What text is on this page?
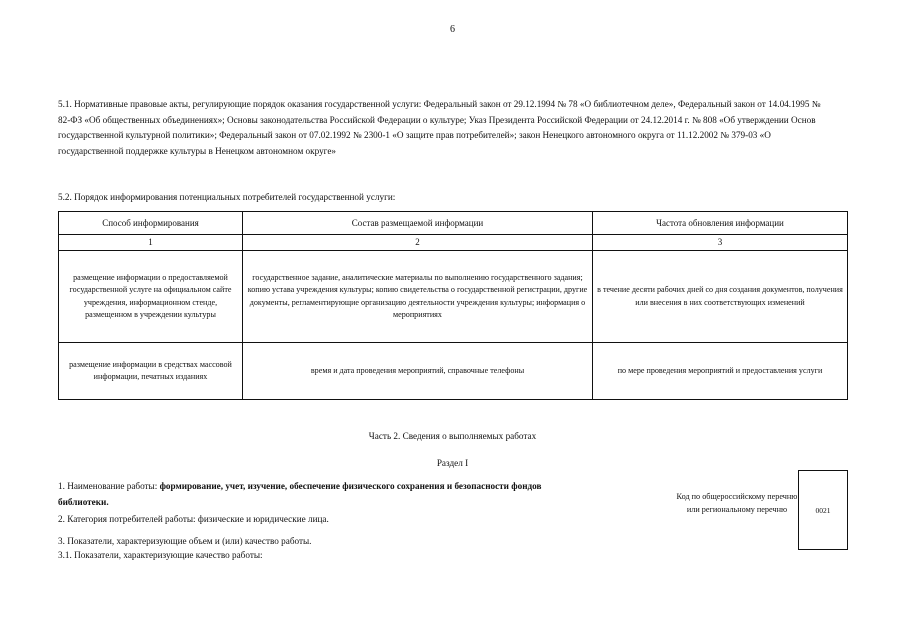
6
5.1. Нормативные правовые акты, регулирующие порядок оказания государственной услуги: Федеральный закон от 29.12.1994 № 78 «О библиотечном деле», Федеральный закон от 14.04.1995 № 82-ФЗ «Об общественных объединениях»; Основы законодательства Российской Федерации о культуре; Указ Президента Российской Федерации от 24.12.2014 г. № 808 «Об утверждении Основ государственной культурной политики»; Федеральный закон от 07.02.1992 № 2300-1 «О защите прав потребителей»; закон Ненецкого автономного округа от 11.12.2002 № 379-03 «О государственной поддержке культуры в Ненецком автономном округе»
5.2. Порядок информирования потенциальных потребителей государственной услуги:
Способ информирования	Состав размещаемой информации	Частота обновления информации
1	2	3
размещение информации о предоставляемой государственной услуге на официальном сайте учреждения, информационном стенде, размещенном в учреждении культуры	государственное задание, аналитические материалы по выполнению государственного задания; копию устава учреждения культуры; копию свидетельства о государственной регистрации, другие документы, регламентирующие организацию деятельности учреждения культуры; информация о мероприятиях	в течение десяти рабочих дней со дня создания документов, получения или внесения в них соответствующих изменений
размещение информации в средствах массовой информации, печатных изданиях	время и дата проведения мероприятий, справочные телефоны	по мере проведения мероприятий и предоставления услуги
Часть 2. Сведения о выполняемых работах
Раздел I
1. Наименование работы: формирование, учет, изучение, обеспечение физического сохранения и безопасности фондов библиотеки.
2. Категория потребителей работы: физические и юридические лица.
3. Показатели, характеризующие объем и (или) качество работы.
3.1. Показатели, характеризующие качество работы:
Код по общероссийскому перечню или региональному перечню	0021
